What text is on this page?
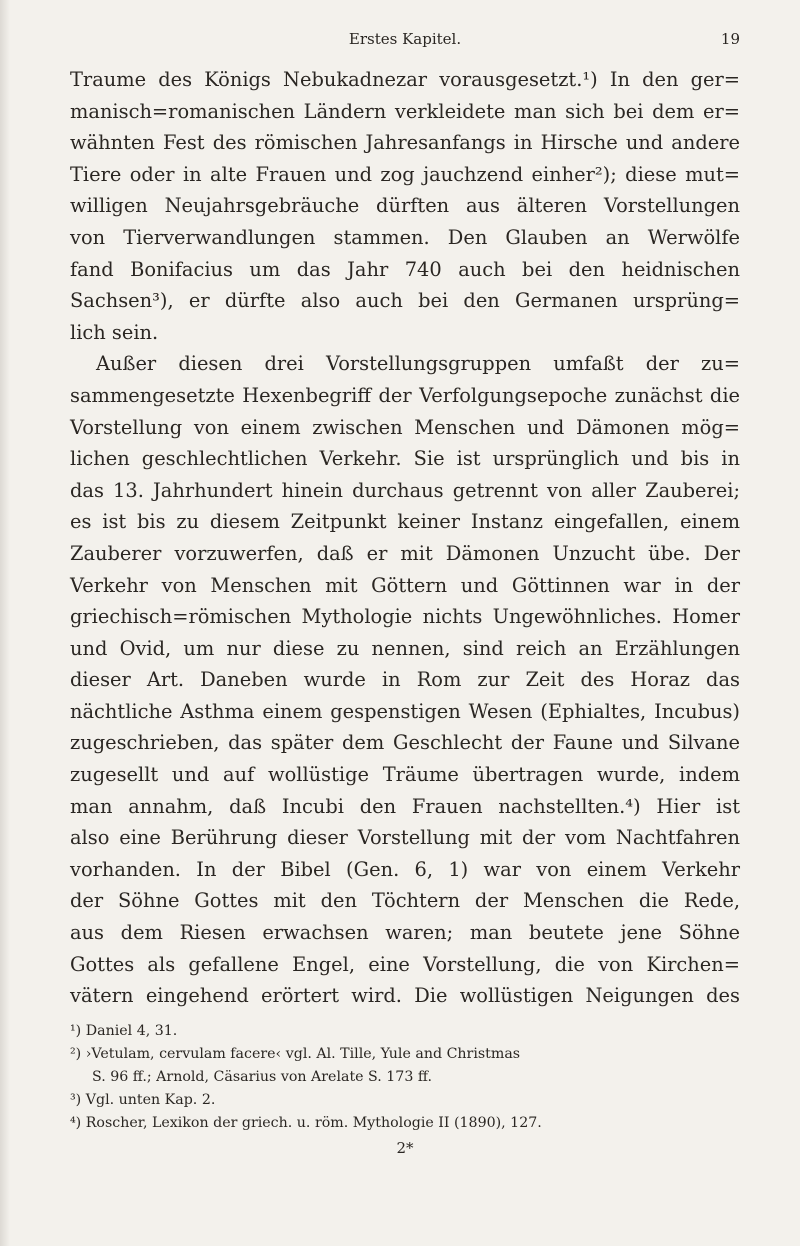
Erstes Kapitel.	19

Traume des Königs Nebukadnezar vorausgesetzt.¹) In den ger=
manisch=romanischen Ländern verkleidete man sich bei dem er=
wähnten Fest des römischen Jahresanfangs in Hirsche und andere
Tiere oder in alte Frauen und zog jauchzend einher²); diese mut=
willigen Neujahrsgebräuche dürften aus älteren Vorstellungen
von Tierverwandlungen stammen. Den Glauben an Werwölfe
fand Bonifacius um das Jahr 740 auch bei den heidnischen
Sachsen³), er dürfte also auch bei den Germanen ursprüng=
lich sein.

Außer diesen drei Vorstellungsgruppen umfaßt der zu=
sammengesetzte Hexenbegriff der Verfolgungsepoche zunächst die
Vorstellung von einem zwischen Menschen und Dämonen mög=
lichen geschlechtlichen Verkehr. Sie ist ursprünglich und bis in
das 13. Jahrhundert hinein durchaus getrennt von aller Zauberei;
es ist bis zu diesem Zeitpunkt keiner Instanz eingefallen, einem
Zauberer vorzuwerfen, daß er mit Dämonen Unzucht übe. Der
Verkehr von Menschen mit Göttern und Göttinnen war in der
griechisch=römischen Mythologie nichts Ungewöhnliches. Homer
und Ovid, um nur diese zu nennen, sind reich an Erzählungen
dieser Art. Daneben wurde in Rom zur Zeit des Horaz das
nächtliche Asthma einem gespenstigen Wesen (Ephialtes, Incubus)
zugeschrieben, das später dem Geschlecht der Faune und Silvane
zugesellt und auf wollüstige Träume übertragen wurde, indem
man annahm, daß Incubi den Frauen nachstellten.⁴) Hier ist
also eine Berührung dieser Vorstellung mit der vom Nachtfahren
vorhanden. In der Bibel (Gen. 6, 1) war von einem Verkehr
der Söhne Gottes mit den Töchtern der Menschen die Rede,
aus dem Riesen erwachsen waren; man beutete jene Söhne
Gottes als gefallene Engel, eine Vorstellung, die von Kirchen=
vätern eingehend erörtert wird. Die wollüstigen Neigungen des

¹) Daniel 4, 31.
²) ›Vetulam, cervulam facere‹ vgl. Al. Tille, Yule and Christmas
S. 96 ff.; Arnold, Cäsarius von Arelate S. 173 ff.
³) Vgl. unten Kap. 2.
⁴) Roscher, Lexikon der griech. u. röm. Mythologie II (1890), 127.
2*
